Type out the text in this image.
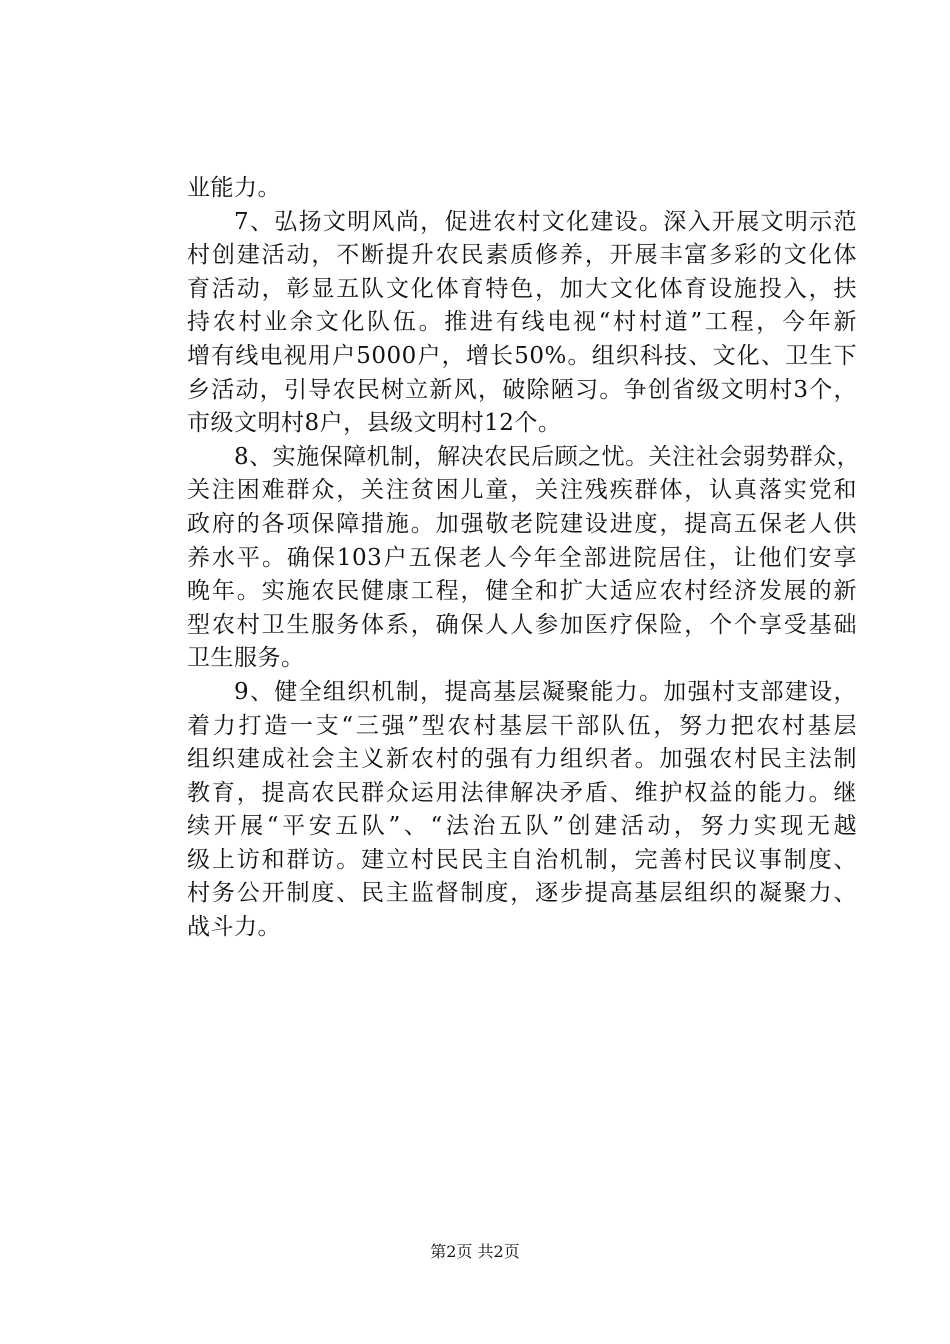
业能力。
7、弘扬文明风尚，促进农村文化建设。深入开展文明示范
村创建活动，不断提升农民素质修养，开展丰富多彩的文化体
育活动，彰显五队文化体育特色，加大文化体育设施投入，扶
持农村业余文化队伍。推进有线电视“村村道”工程，今年新
增有线电视用户5000户，增长50%。组织科技、文化、卫生下
乡活动，引导农民树立新风，破除陋习。争创省级文明村3个，
市级文明村8户，县级文明村12个。
8、实施保障机制，解决农民后顾之忧。关注社会弱势群众，
关注困难群众，关注贫困儿童，关注残疾群体，认真落实党和
政府的各项保障措施。加强敬老院建设进度，提高五保老人供
养水平。确保103户五保老人今年全部进院居住，让他们安享
晚年。实施农民健康工程，健全和扩大适应农村经济发展的新
型农村卫生服务体系，确保人人参加医疗保险，个个享受基础
卫生服务。
9、健全组织机制，提高基层凝聚能力。加强村支部建设，
着力打造一支“三强”型农村基层干部队伍，努力把农村基层
组织建成社会主义新农村的强有力组织者。加强农村民主法制
教育，提高农民群众运用法律解决矛盾、维护权益的能力。继
续开展“平安五队”、“法治五队”创建活动，努力实现无越
级上访和群访。建立村民民主自治机制，完善村民议事制度、
村务公开制度、民主监督制度，逐步提高基层组织的凝聚力、
战斗力。
第2页 共2页
